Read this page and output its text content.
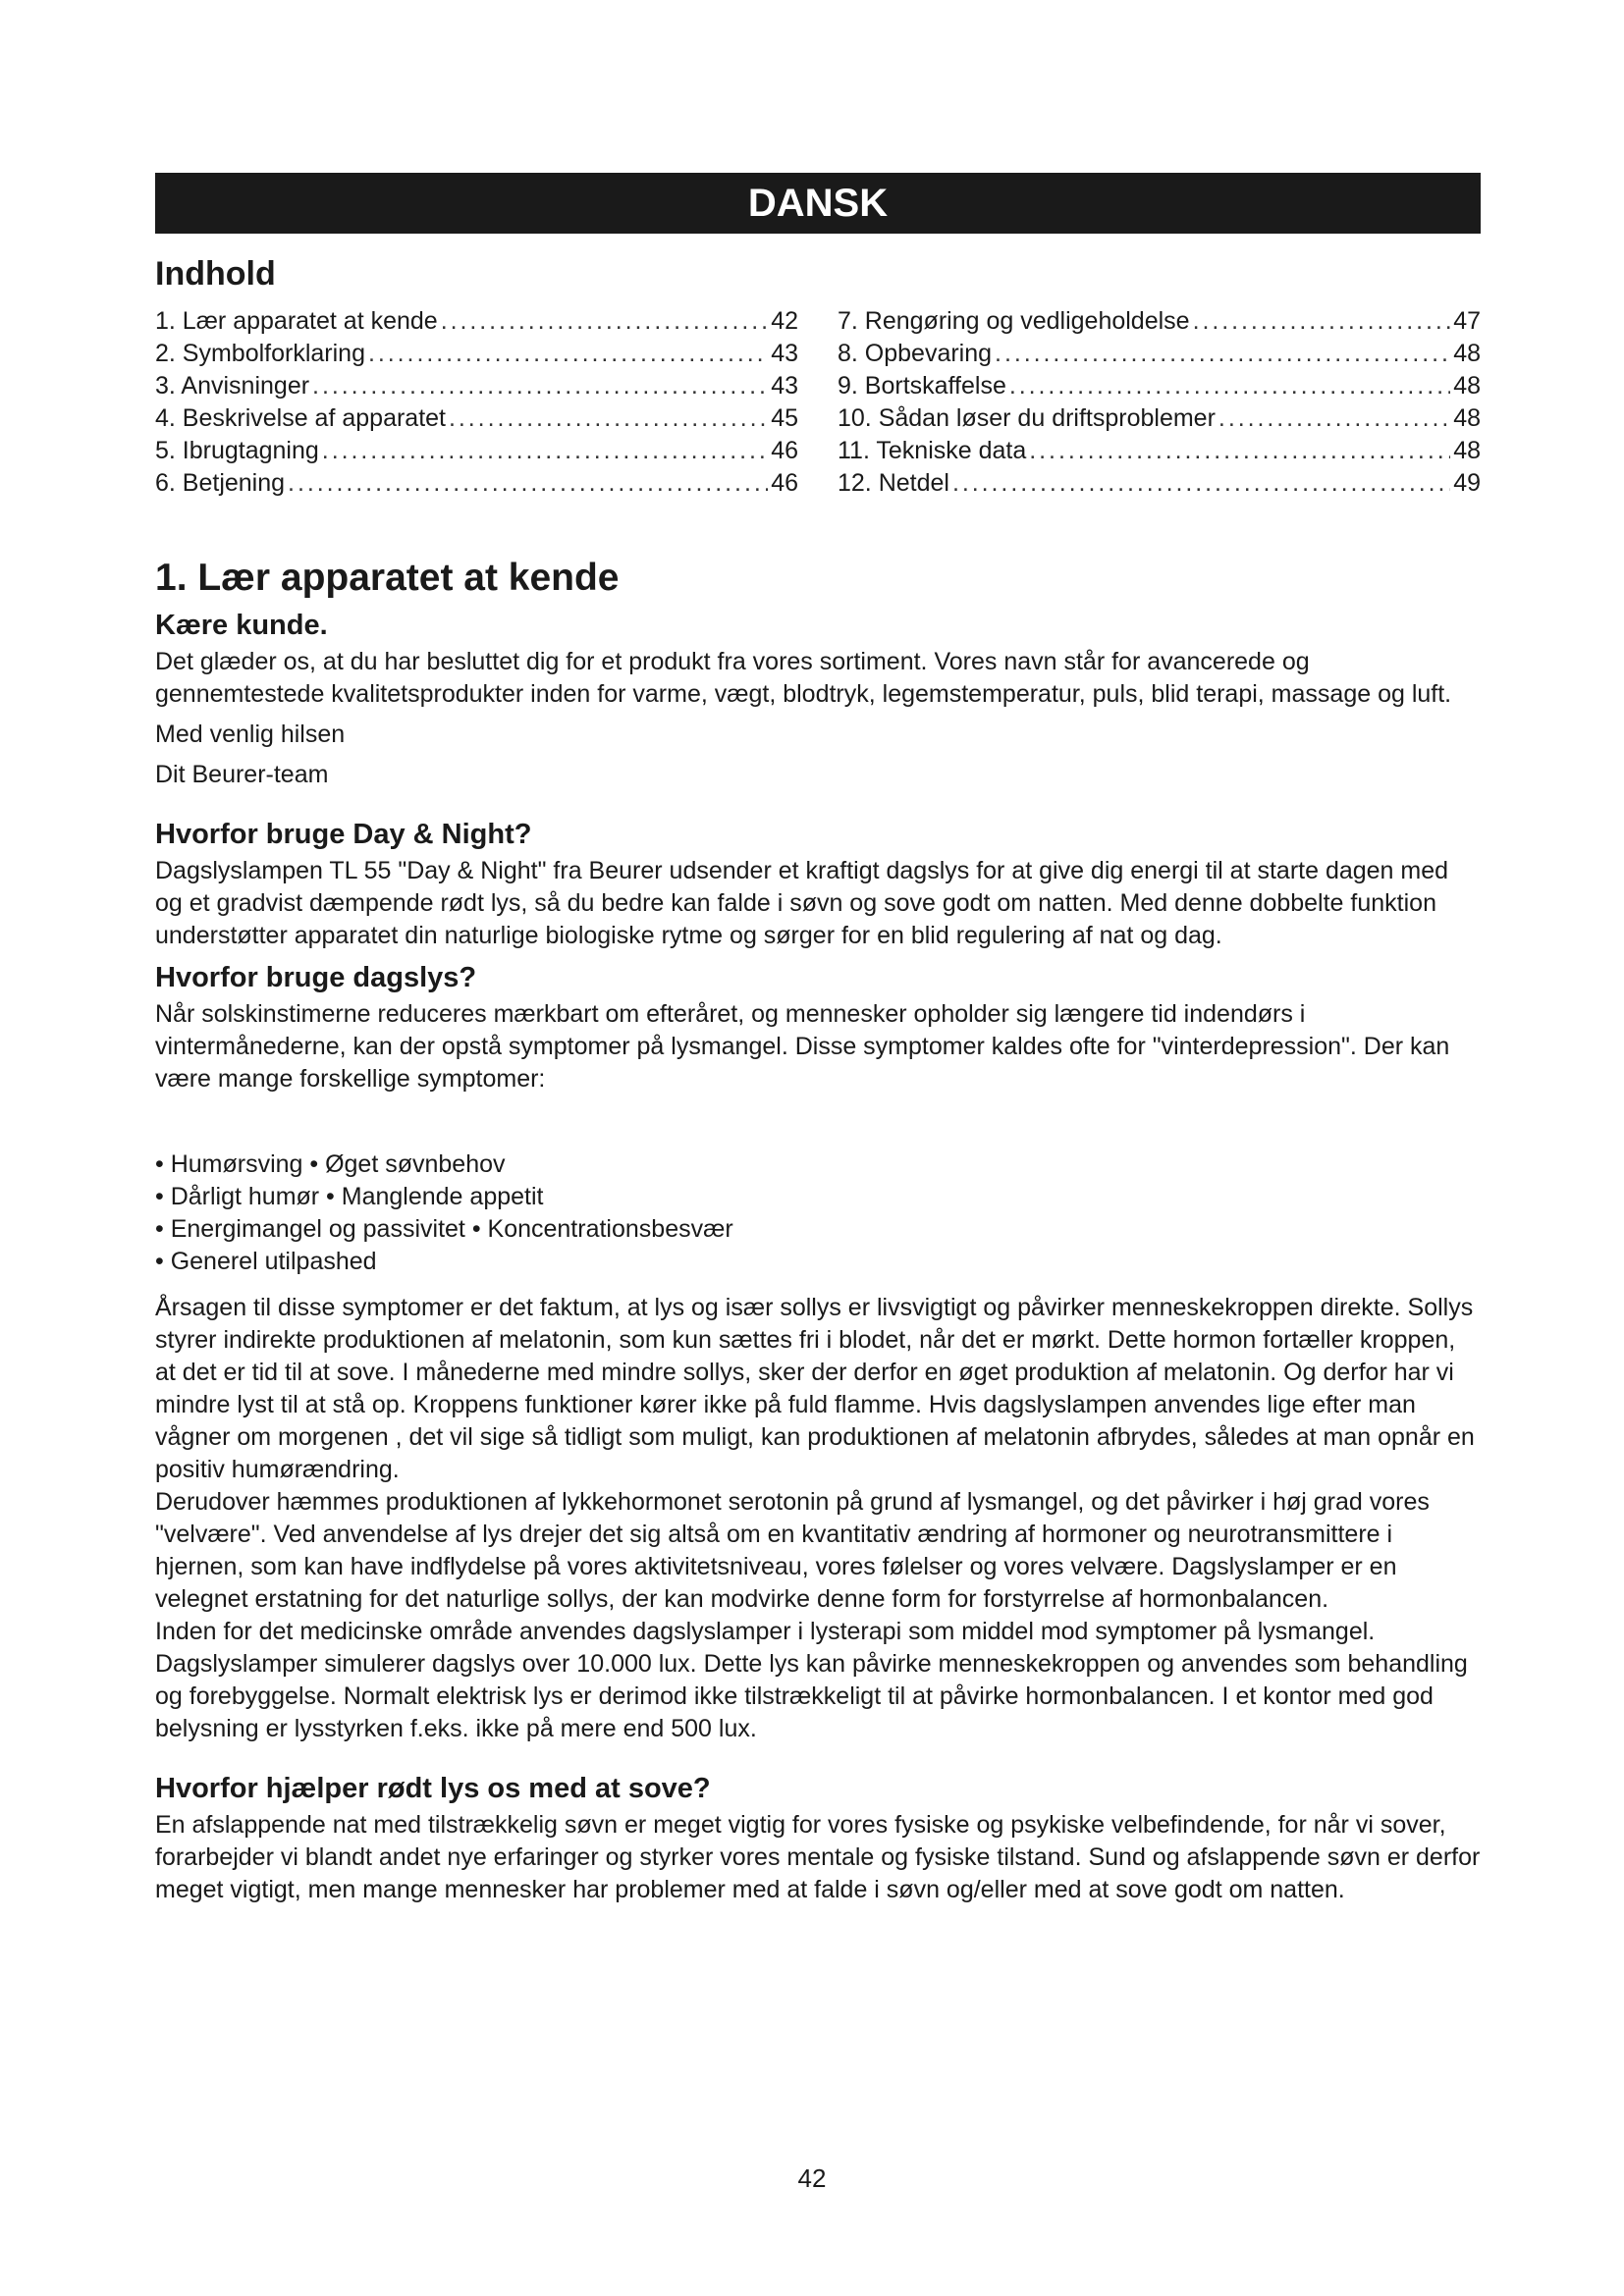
DANSK
Indhold
1. Lær apparatet at kende . . .	42
2. Symbolforklaring . . .	43
3. Anvisninger . . .	43
4. Beskrivelse af apparatet . . .	45
5. Ibrugtagning . . .	46
6. Betjening . . .	46
7. Rengøring og vedligeholdelse . . .	47
8. Opbevaring . . .	48
9. Bortskaffelse . . .	48
10. Sådan løser du driftsproblemer . . .	48
11. Tekniske data . . .	48
12. Netdel . . .	49
1. Lær apparatet at kende
Kære kunde.

Det glæder os, at du har besluttet dig for et produkt fra vores sortiment. Vores navn står for avancerede og gennemtestede kvalitetsprodukter inden for varme, vægt, blodtryk, legemstemperatur, puls, blid terapi, massage og luft.

Med venlig hilsen

Dit Beurer-team

Hvorfor bruge Day & Night?

Dagslyslampen TL 55 "Day & Night" fra Beurer udsender et kraftigt dagslys for at give dig energi til at starte dagen med og et gradvist dæmpende rødt lys, så du bedre kan falde i søvn og sove godt om natten. Med denne dobbelte funktion understøtter apparatet din naturlige biologiske rytme og sørger for en blid regulering af nat og dag.

Hvorfor bruge dagslys?

Når solskinstimerne reduceres mærkbart om efteråret, og mennesker opholder sig længere tid indendørs i vintermånederne, kan der opstå symptomer på lysmangel. Disse symptomer kaldes ofte for "vinterdepression". Der kan være mange forskellige symptomer:

• Humørsving • Øget søvnbehov
• Dårligt humør • Manglende appetit
• Energimangel og passivitet • Koncentrationsbesvær
• Generel utilpashed

Årsagen til disse symptomer er det faktum, at lys og især sollys er livsvigtigt og påvirker menneskekroppen direkte. Sollys styrer indirekte produktionen af melatonin, som kun sættes fri i blodet, når det er mørkt. Dette hormon fortæller kroppen, at det er tid til at sove. I månederne med mindre sollys, sker der derfor en øget produktion af melatonin. Og derfor har vi mindre lyst til at stå op. Kroppens funktioner kører ikke på fuld flamme. Hvis dagslyslampen anvendes lige efter man vågner om morgenen , det vil sige så tidligt som muligt, kan produktionen af melatonin afbrydes, således at man opnår en positiv humørændring.

Derudover hæmmes produktionen af lykkehormonet serotonin på grund af lysmangel, og det påvirker i høj grad vores "velvære". Ved anvendelse af lys drejer det sig altså om en kvantitativ ændring af hormoner og neurotransmittere i hjernen, som kan have indflydelse på vores aktivitetsniveau, vores følelser og vores velvære. Dagslyslamper er en velegnet erstatning for det naturlige sollys, der kan modvirke denne form for forstyrrelse af hormonbalancen.

Inden for det medicinske område anvendes dagslyslamper i lysterapi som middel mod symptomer på lysmangel. Dagslyslamper simulerer dagslys over 10.000 lux. Dette lys kan påvirke menneskekroppen og anvendes som behandling og forebyggelse. Normalt elektrisk lys er derimod ikke tilstrækkeligt til at påvirke hormonbalancen. I et kontor med god belysning er lysstyrken f.eks. ikke på mere end 500 lux.

Hvorfor hjælper rødt lys os med at sove?

En afslappende nat med tilstrækkelig søvn er meget vigtig for vores fysiske og psykiske velbefindende, for når vi sover, forarbejder vi blandt andet nye erfaringer og styrker vores mentale og fysiske tilstand. Sund og afslappende søvn er derfor meget vigtigt, men mange mennesker har problemer med at falde i søvn og/eller med at sove godt om natten.

42
